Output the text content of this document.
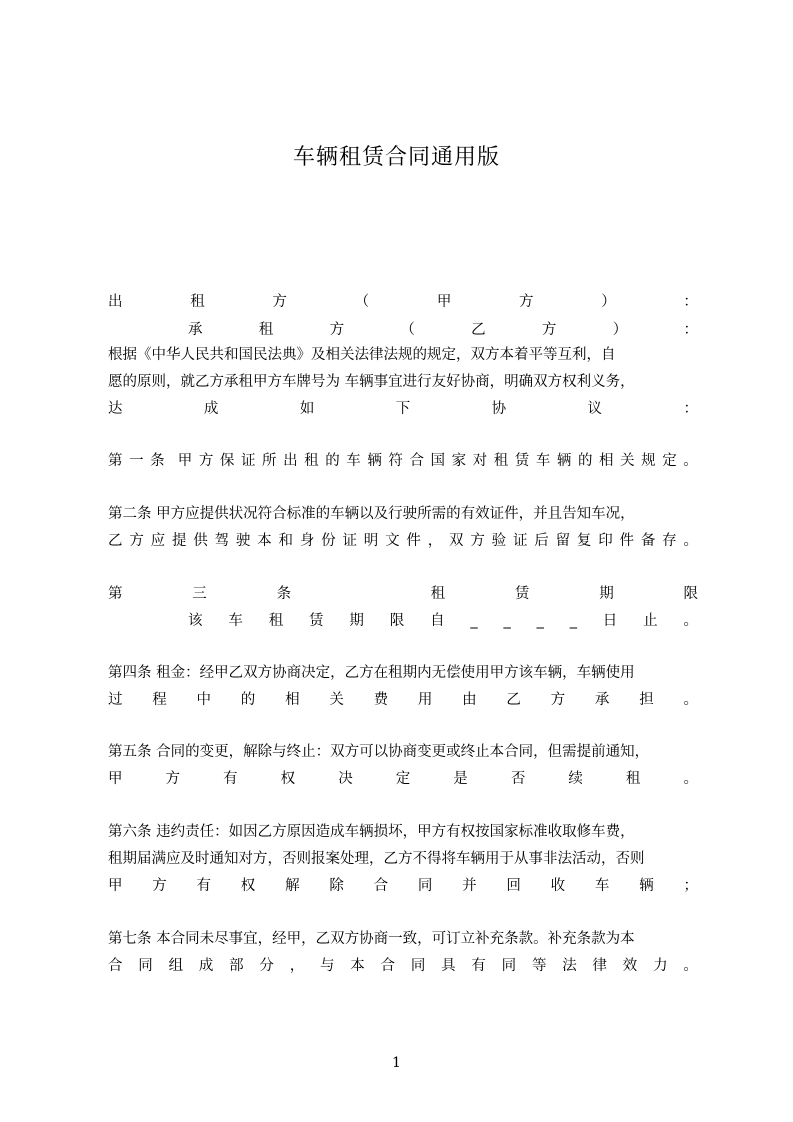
车辆租赁合同通用版
出	租	方	（	甲	方	）	：
承	租	方	（	乙	方	）	：
根据《中华人民共和国民法典》及相关法律法规的规定，双方本着平等互利，自
愿的原则，就乙方承租甲方车牌号为 车辆事宜进行友好协商，明确双方权利义务，
达	成	如	下	协	议	：
第 一 条 甲 方 保 证 所 出 租 的 车 辆 符 合 国 家 对 租 赁 车 辆 的 相 关 规 定 。
第二条 甲方应提供状况符合标准的车辆以及行驶所需的有效证件，并且告知车况，
乙 方 应 提 供 驾 驶 本 和 身 份 证 明 文 件 ， 双 方 验 证 后 留 复 印 件 备 存 。
第	三	条	租	赁	期	限
该 车 租 赁 期 限 自 _ _ _ _ 日 止 。
第四条 租金：经甲乙双方协商决定，乙方在租期内无偿使用甲方该车辆，车辆使用
过 程 中 的 相 关 费 用 由 乙 方 承 担 。
第五条 合同的变更，解除与终止：双方可以协商变更或终止本合同，但需提前通知，
甲	方	有	权	决	定	是	否	续	租	。
第六条 违约责任：如因乙方原因造成车辆损坏，甲方有权按国家标准收取修车费，
租期届满应及时通知对方，否则报案处理，乙方不得将车辆用于从事非法活动，否则
甲 方 有 权 解 除 合 同 并 回 收 车 辆 ；
第七条 本合同未尽事宜，经甲，乙双方协商一致，可订立补充条款。补充条款为本
合 同 组 成 部 分 ， 与 本 合 同 具 有 同 等 法 律 效 力 。
1
